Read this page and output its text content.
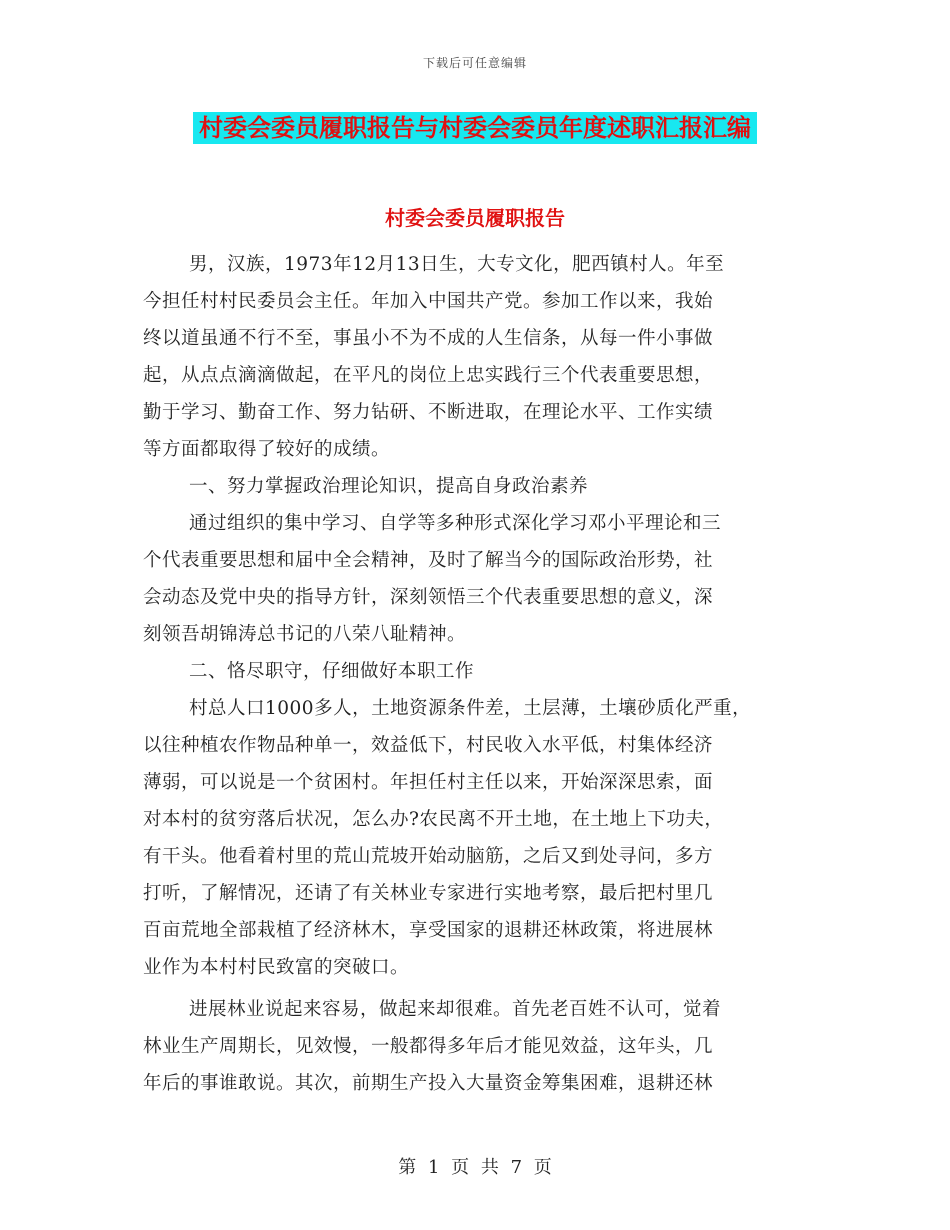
下载后可任意编辑
村委会委员履职报告与村委会委员年度述职汇报汇编
村委会委员履职报告
男，汉族，1973年12月13日生，大专文化，肥西镇村人。年至
今担任村村民委员会主任。年加入中国共产党。参加工作以来，我始
终以道虽通不行不至，事虽小不为不成的人生信条，从每一件小事做
起，从点点滴滴做起，在平凡的岗位上忠实践行三个代表重要思想，
勤于学习、勤奋工作、努力钻研、不断进取，在理论水平、工作实绩
等方面都取得了较好的成绩。
一、努力掌握政治理论知识，提高自身政治素养
通过组织的集中学习、自学等多种形式深化学习邓小平理论和三
个代表重要思想和届中全会精神，及时了解当今的国际政治形势，社
会动态及党中央的指导方针，深刻领悟三个代表重要思想的意义，深
刻领吾胡锦涛总书记的八荣八耻精神。
二、恪尽职守，仔细做好本职工作
村总人口1000多人，土地资源条件差，土层薄，土壤砂质化严重，
以往种植农作物品种单一，效益低下，村民收入水平低，村集体经济
薄弱，可以说是一个贫困村。年担任村主任以来，开始深深思索，面
对本村的贫穷落后状况，怎么办?农民离不开土地，在土地上下功夫，
有干头。他看着村里的荒山荒坡开始动脑筋，之后又到处寻问，多方
打听，了解情况，还请了有关林业专家进行实地考察，最后把村里几
百亩荒地全部栽植了经济林木，享受国家的退耕还林政策，将进展林
业作为本村村民致富的突破口。
进展林业说起来容易，做起来却很难。首先老百姓不认可，觉着
林业生产周期长，见效慢，一般都得多年后才能见效益，这年头，几
年后的事谁敢说。其次，前期生产投入大量资金筹集困难，退耕还林
第 1 页 共 7 页
